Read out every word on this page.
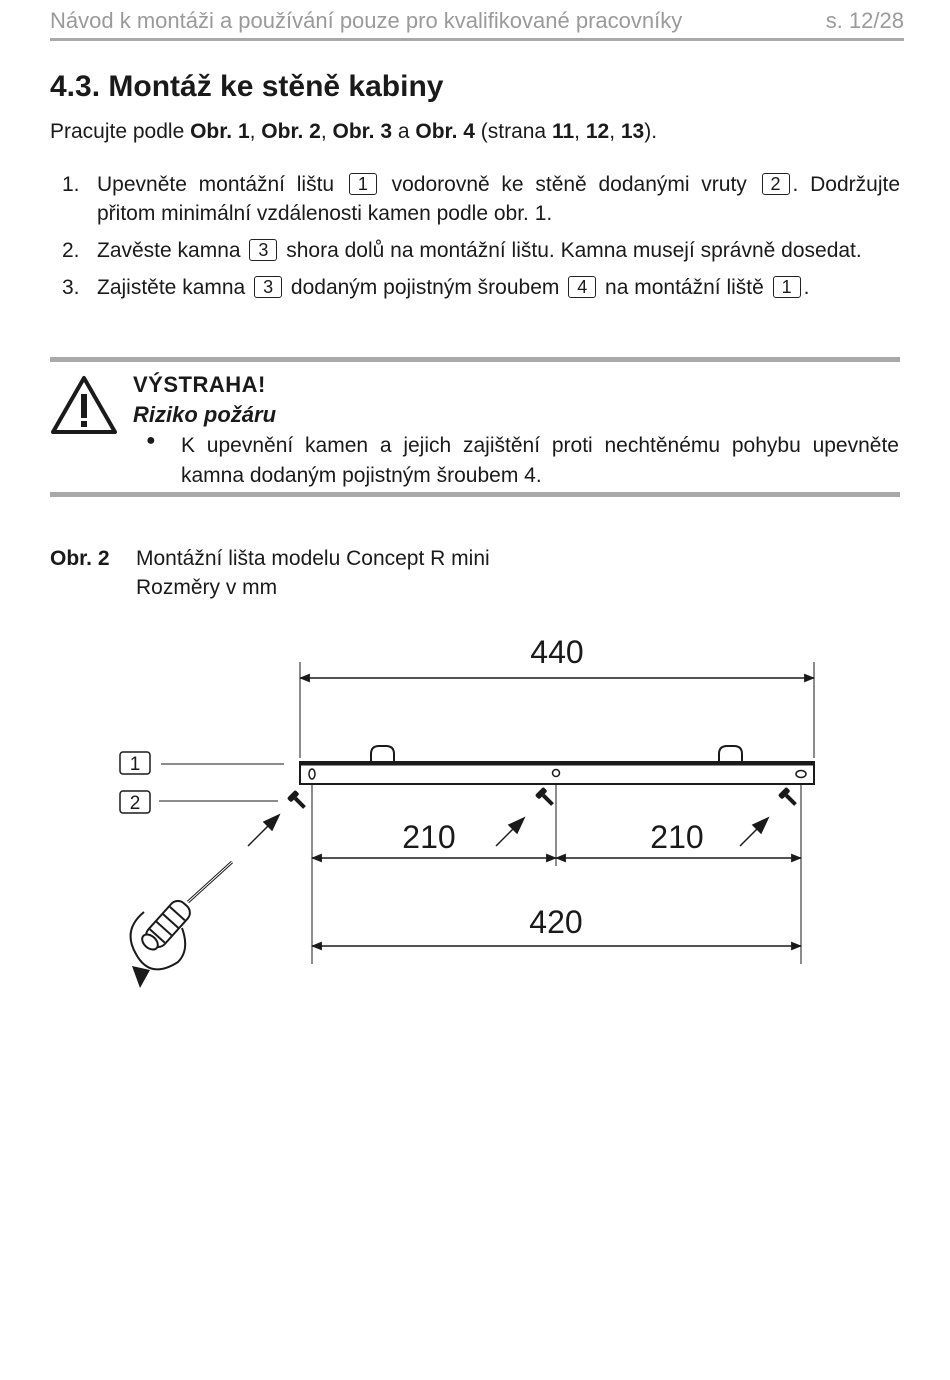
Návod k montáži a používání pouze pro kvalifikované pracovníky	s. 12/28
4.3. Montáž ke stěně kabiny
Pracujte podle Obr. 1, Obr. 2, Obr. 3 a Obr. 4 (strana 11, 12, 13).
1. Upevněte montážní lištu 1 vodorovně ke stěně dodanými vruty 2 . Dodržujte přitom minimální vzdálenosti kamen podle obr. 1.
2. Zavěste kamna 3 shora dolů na montážní lištu. Kamna musejí správně dosedat.
3. Zajistěte kamna 3 dodaným pojistným šroubem 4 na montážní liště 1 .
VÝSTRAHA!
Riziko požáru
● K upevnění kamen a jejich zajištění proti nechtěnému pohybu upevněte kamna dodaným pojistným šroubem 4.
Obr. 2 Montážní lišta modelu Concept R mini
Rozměry v mm
440
1
2
210	210
420
